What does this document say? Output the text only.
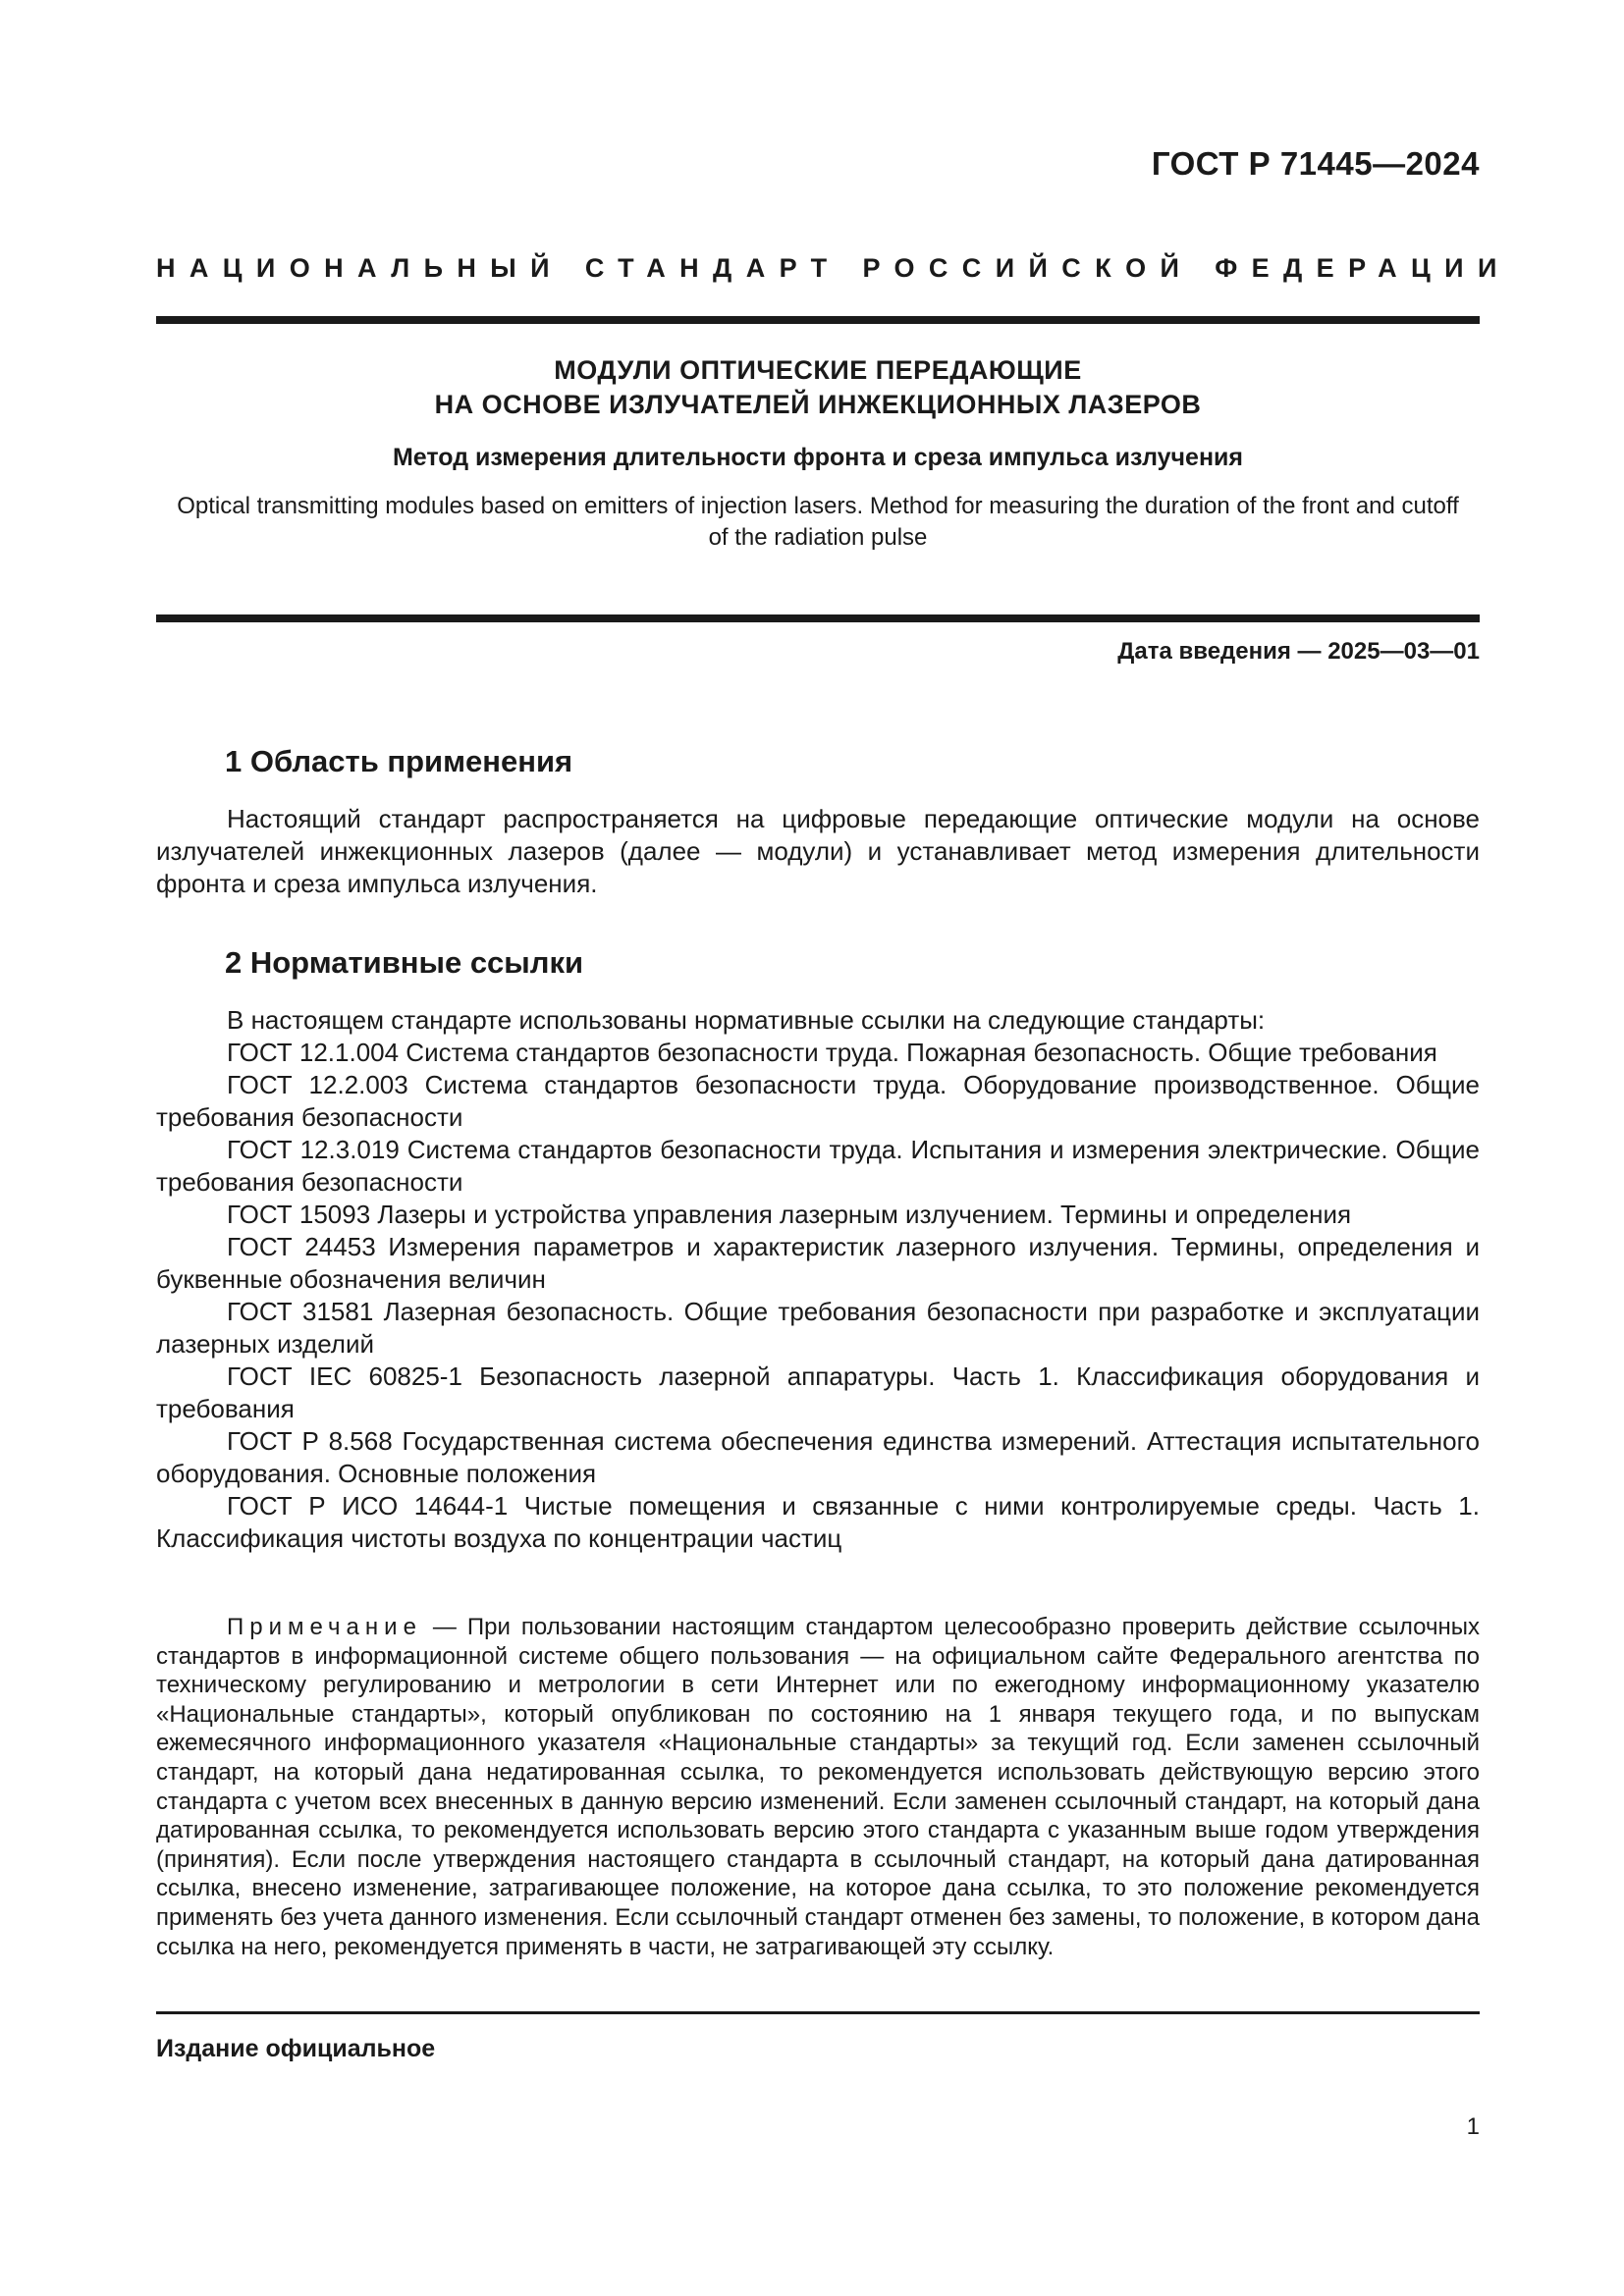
ГОСТ Р 71445—2024
НАЦИОНАЛЬНЫЙ СТАНДАРТ РОССИЙСКОЙ ФЕДЕРАЦИИ
МОДУЛИ ОПТИЧЕСКИЕ ПЕРЕДАЮЩИЕ
НА ОСНОВЕ ИЗЛУЧАТЕЛЕЙ ИНЖЕКЦИОННЫХ ЛАЗЕРОВ
Метод измерения длительности фронта и среза импульса излучения
Optical transmitting modules based on emitters of injection lasers. Method for measuring the duration of the front and cutoff of the radiation pulse
Дата введения — 2025—03—01
1 Область применения

Настоящий стандарт распространяется на цифровые передающие оптические модули на основе излучателей инжекционных лазеров (далее — модули) и устанавливает метод измерения длительности фронта и среза импульса излучения.

2 Нормативные ссылки

В настоящем стандарте использованы нормативные ссылки на следующие стандарты:

ГОСТ 12.1.004 Система стандартов безопасности труда. Пожарная безопасность. Общие требования

ГОСТ 12.2.003 Система стандартов безопасности труда. Оборудование производственное. Общие требования безопасности

ГОСТ 12.3.019 Система стандартов безопасности труда. Испытания и измерения электрические. Общие требования безопасности

ГОСТ 15093 Лазеры и устройства управления лазерным излучением. Термины и определения

ГОСТ 24453 Измерения параметров и характеристик лазерного излучения. Термины, определения и буквенные обозначения величин

ГОСТ 31581 Лазерная безопасность. Общие требования безопасности при разработке и эксплуатации лазерных изделий

ГОСТ IEC 60825-1 Безопасность лазерной аппаратуры. Часть 1. Классификация оборудования и требования

ГОСТ Р 8.568 Государственная система обеспечения единства измерений. Аттестация испытательного оборудования. Основные положения

ГОСТ Р ИСО 14644-1 Чистые помещения и связанные с ними контролируемые среды. Часть 1. Классификация чистоты воздуха по концентрации частиц

Примечание — При пользовании настоящим стандартом целесообразно проверить действие ссылочных стандартов в информационной системе общего пользования — на официальном сайте Федерального агентства по техническому регулированию и метрологии в сети Интернет или по ежегодному информационному указателю «Национальные стандарты», который опубликован по состоянию на 1 января текущего года, и по выпускам ежемесячного информационного указателя «Национальные стандарты» за текущий год. Если заменен ссылочный стандарт, на который дана недатированная ссылка, то рекомендуется использовать действующую версию этого стандарта с учетом всех внесенных в данную версию изменений. Если заменен ссылочный стандарт, на который дана датированная ссылка, то рекомендуется использовать версию этого стандарта с указанным выше годом утверждения (принятия). Если после утверждения настоящего стандарта в ссылочный стандарт, на который дана датированная ссылка, внесено изменение, затрагивающее положение, на которое дана ссылка, то это положение рекомендуется применять без учета данного изменения. Если ссылочный стандарт отменен без замены, то положение, в котором дана ссылка на него, рекомендуется применять в части, не затрагивающей эту ссылку.

Издание официальное
1
